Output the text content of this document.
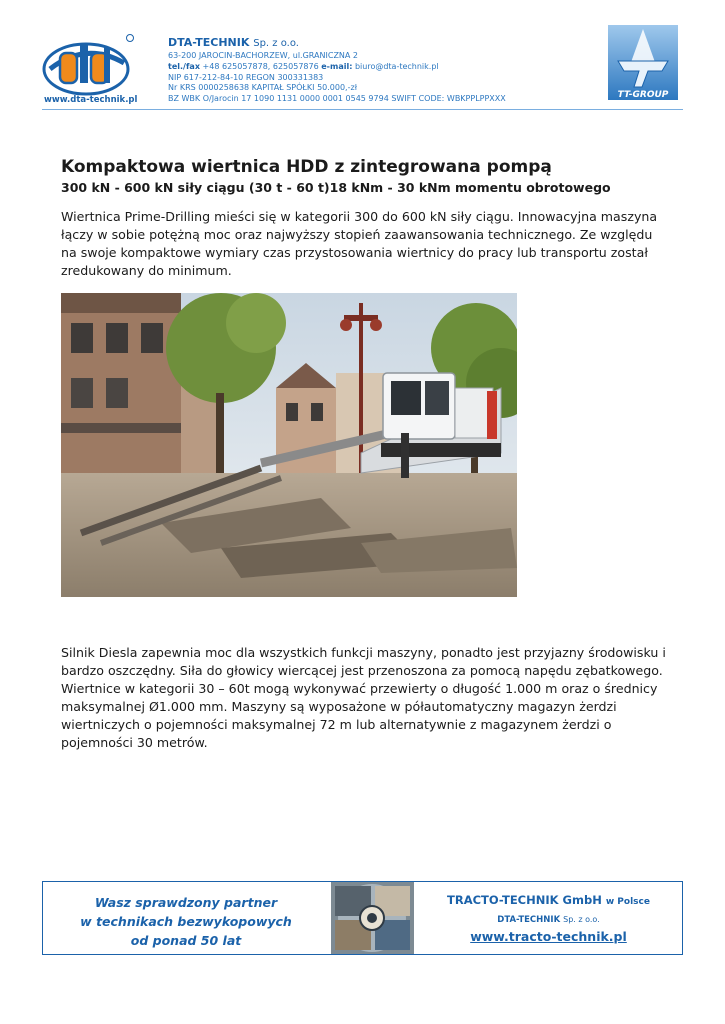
www.dta-technik.pl
DTA-TECHNIK Sp. z o.o.
63-200 JAROCIN-BACHORZEW, ul.GRANICZNA 2
tel./fax +48 625057878, 625057876 e-mail: biuro@dta-technik.pl
NIP 617-212-84-10 REGON 300331383
Nr KRS 0000258638 KAPITAŁ SPÓŁKI 50.000,-zł
BZ WBK O/Jarocin 17 1090 1131 0000 0001 0545 9794 SWIFT CODE: WBKPPLPPXXX	TT-GROUP
Kompaktowa wiertnica HDD z zintegrowana pompą
300 kN - 600 kN siły ciągu (30 t - 60 t)18 kNm - 30 kNm momentu obrotowego

Wiertnica Prime-Drilling mieści się w kategorii 300 do 600 kN siły ciągu. Innowacyjna maszyna łączy w sobie potężną moc oraz najwyższy stopień zaawansowania technicznego. Ze względu na swoje kompaktowe wymiary czas przystosowania wiertnicy do pracy lub transportu został zredukowany do minimum.

Silnik Diesla zapewnia moc dla wszystkich funkcji maszyny, ponadto jest przyjazny środowisku i bardzo oszczędny. Siła do głowicy wiercącej jest przenoszona za pomocą napędu zębatkowego. Wiertnice w kategorii 30 – 60t mogą wykonywać przewierty o długość 1.000 m oraz o średnicy maksymalnej Ø1.000 mm. Maszyny są wyposażone w półautomatyczny magazyn żerdzi wiertniczych o pojemności maksymalnej 72 m lub alternatywnie z magazynem żerdzi o pojemności 30 metrów.

Wasz sprawdzony partner
w technikach bezwykopowych
od ponad 50 lat
TRACTO-TECHNIK GmbH w Polsce
DTA-TECHNIK Sp. z o.o.
www.tracto-technik.pl
